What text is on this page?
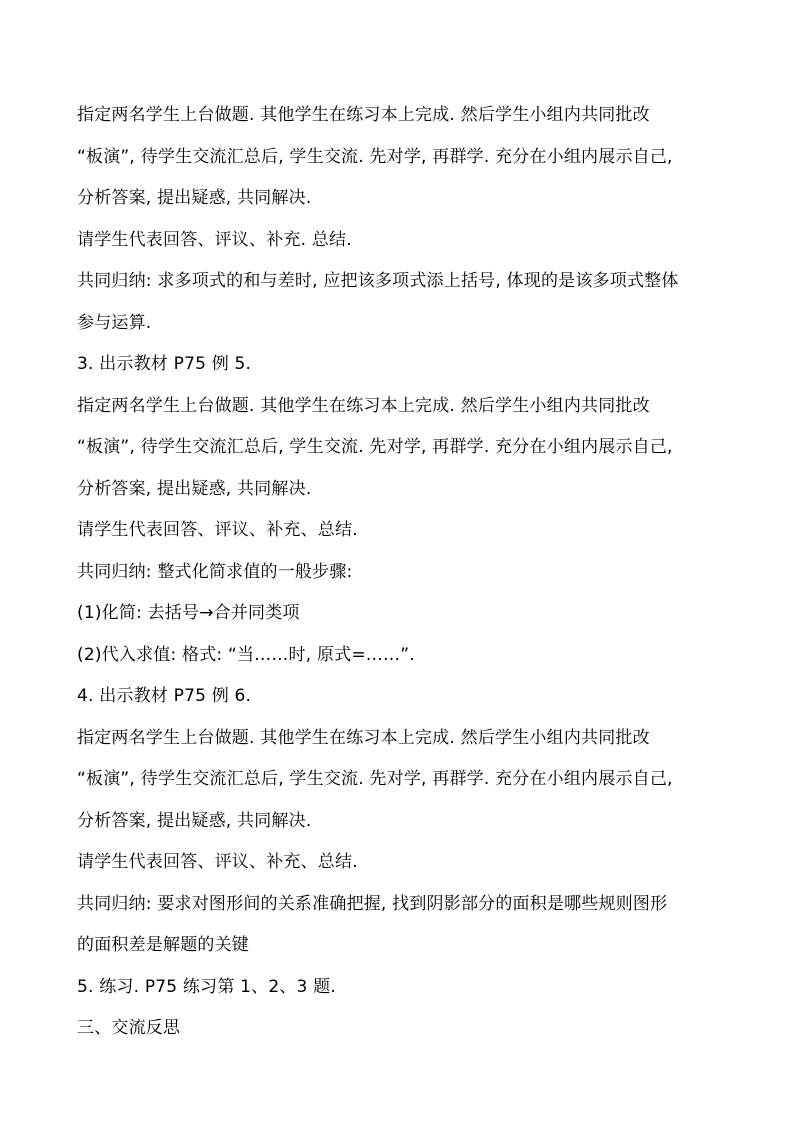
指定两名学生上台做题. 其他学生在练习本上完成. 然后学生小组内共同批改

“板演”, 待学生交流汇总后, 学生交流. 先对学, 再群学. 充分在小组内展示自己,

分析答案, 提出疑惑, 共同解决.

请学生代表回答、评议、补充. 总结.

共同归纳: 求多项式的和与差时, 应把该多项式添上括号, 体现的是该多项式整体

参与运算.

3. 出示教材 P75 例 5.

指定两名学生上台做题. 其他学生在练习本上完成. 然后学生小组内共同批改

“板演”, 待学生交流汇总后, 学生交流. 先对学, 再群学. 充分在小组内展示自己,

分析答案, 提出疑惑, 共同解决.

请学生代表回答、评议、补充、总结.

共同归纳: 整式化简求值的一般步骤:

(1)化简: 去括号→合并同类项

(2)代入求值: 格式: “当……时, 原式=……”.

4. 出示教材 P75 例 6.

指定两名学生上台做题. 其他学生在练习本上完成. 然后学生小组内共同批改

“板演”, 待学生交流汇总后, 学生交流. 先对学, 再群学. 充分在小组内展示自己,

分析答案, 提出疑惑, 共同解决.

请学生代表回答、评议、补充、总结.

共同归纳: 要求对图形间的关系准确把握, 找到阴影部分的面积是哪些规则图形

的面积差是解题的关键

5. 练习. P75 练习第 1、2、3 题.

三、交流反思
